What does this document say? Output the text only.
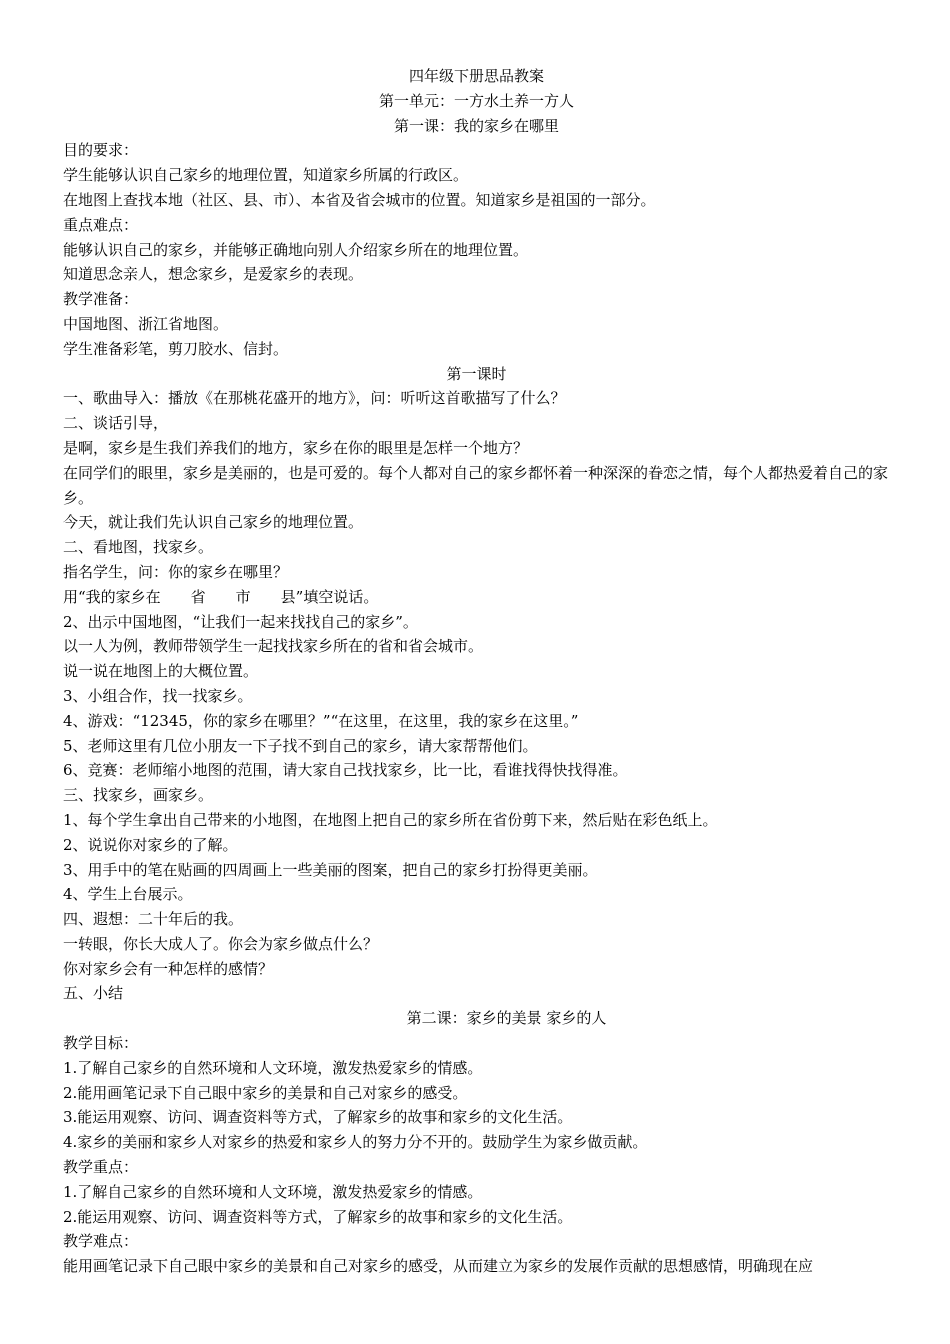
四年级下册思品教案
第一单元：一方水土养一方人
第一课：我的家乡在哪里
目的要求：
学生能够认识自己家乡的地理位置，知道家乡所属的行政区。
在地图上查找本地（社区、县、市）、本省及省会城市的位置。知道家乡是祖国的一部分。
重点难点：
能够认识自己的家乡，并能够正确地向别人介绍家乡所在的地理位置。
知道思念亲人，想念家乡，是爱家乡的表现。
教学准备：
中国地图、浙江省地图。
学生准备彩笔，剪刀胶水、信封。
第一课时
一、歌曲导入：播放《在那桃花盛开的地方》，问：听听这首歌描写了什么？
二、谈话引导，
是啊，家乡是生我们养我们的地方，家乡在你的眼里是怎样一个地方？
在同学们的眼里，家乡是美丽的，也是可爱的。每个人都对自己的家乡都怀着一种深深的眷恋之情，每个人都热爱着自己的家乡。
今天，就让我们先认识自己家乡的地理位置。
二、看地图，找家乡。
指名学生，问：你的家乡在哪里？
用“我的家乡在　　省　　市　　县”填空说话。
2、出示中国地图，“让我们一起来找找自己的家乡”。
以一人为例，教师带领学生一起找找家乡所在的省和省会城市。
说一说在地图上的大概位置。
3、小组合作，找一找家乡。
4、游戏：“12345，你的家乡在哪里？”“在这里，在这里，我的家乡在这里。”
5、老师这里有几位小朋友一下子找不到自己的家乡，请大家帮帮他们。
6、竞赛：老师缩小地图的范围，请大家自己找找家乡，比一比，看谁找得快找得准。
三、找家乡，画家乡。
1、每个学生拿出自己带来的小地图，在地图上把自己的家乡所在省份剪下来，然后贴在彩色纸上。
2、说说你对家乡的了解。
3、用手中的笔在贴画的四周画上一些美丽的图案，把自己的家乡打扮得更美丽。
4、学生上台展示。
四、遐想：二十年后的我。
一转眼，你长大成人了。你会为家乡做点什么？
你对家乡会有一种怎样的感情？
五、小结
第二课：家乡的美景 家乡的人
教学目标：
1.了解自己家乡的自然环境和人文环境，激发热爱家乡的情感。
2.能用画笔记录下自己眼中家乡的美景和自己对家乡的感受。
3.能运用观察、访问、调查资料等方式，了解家乡的故事和家乡的文化生活。
4.家乡的美丽和家乡人对家乡的热爱和家乡人的努力分不开的。鼓励学生为家乡做贡献。
教学重点：
1.了解自己家乡的自然环境和人文环境，激发热爱家乡的情感。
2.能运用观察、访问、调查资料等方式，了解家乡的故事和家乡的文化生活。
教学难点：
能用画笔记录下自己眼中家乡的美景和自己对家乡的感受，从而建立为家乡的发展作贡献的思想感情，明确现在应
